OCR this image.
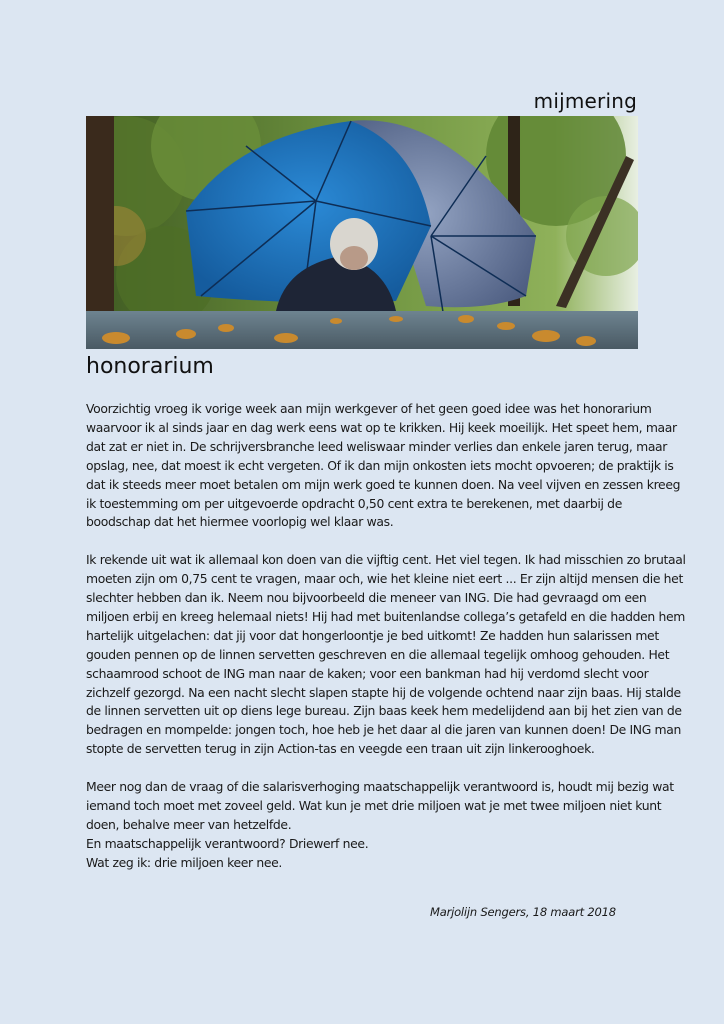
mijmering
honorarium

Voorzichtig vroeg ik vorige week aan mijn werkgever of het geen goed idee was het honorarium
waarvoor ik al sinds jaar en dag werk eens wat op te krikken. Hij keek moeilijk. Het speet hem, maar
dat zat er niet in. De schrijversbranche leed weliswaar minder verlies dan enkele jaren terug, maar
opslag, nee, dat moest ik echt vergeten. Of ik dan mijn onkosten iets mocht opvoeren; de praktijk is
dat ik steeds meer moet betalen om mijn werk goed te kunnen doen. Na veel vijven en zessen kreeg
ik toestemming om per uitgevoerde opdracht 0,50 cent extra te berekenen, met daarbij de
boodschap dat het hiermee voorlopig wel klaar was.

Ik rekende uit wat ik allemaal kon doen van die vijftig cent. Het viel tegen. Ik had misschien zo brutaal
moeten zijn om 0,75 cent te vragen, maar och, wie het kleine niet eert ... Er zijn altijd mensen die het
slechter hebben dan ik. Neem nou bijvoorbeeld die meneer van ING. Die had gevraagd om een
miljoen erbij en kreeg helemaal niets! Hij had met buitenlandse collega’s getafeld en die hadden hem
hartelijk uitgelachen: dat jij voor dat hongerloontje je bed uitkomt! Ze hadden hun salarissen met
gouden pennen op de linnen servetten geschreven en die allemaal tegelijk omhoog gehouden. Het
schaamrood schoot de ING man naar de kaken; voor een bankman had hij verdomd slecht voor
zichzelf gezorgd. Na een nacht slecht slapen stapte hij de volgende ochtend naar zijn baas. Hij stalde
de linnen servetten uit op diens lege bureau. Zijn baas keek hem medelijdend aan bij het zien van de
bedragen en mompelde: jongen toch, hoe heb je het daar al die jaren van kunnen doen! De ING man
stopte de servetten terug in zijn Action-tas en veegde een traan uit zijn linkerooghoek.

Meer nog dan de vraag of die salarisverhoging maatschappelijk verantwoord is, houdt mij bezig wat
iemand toch moet met zoveel geld. Wat kun je met drie miljoen wat je met twee miljoen niet kunt
doen, behalve meer van hetzelfde.
En maatschappelijk verantwoord? Driewerf nee.
Wat zeg ik: drie miljoen keer nee.

Marjolijn Sengers, 18 maart 2018
